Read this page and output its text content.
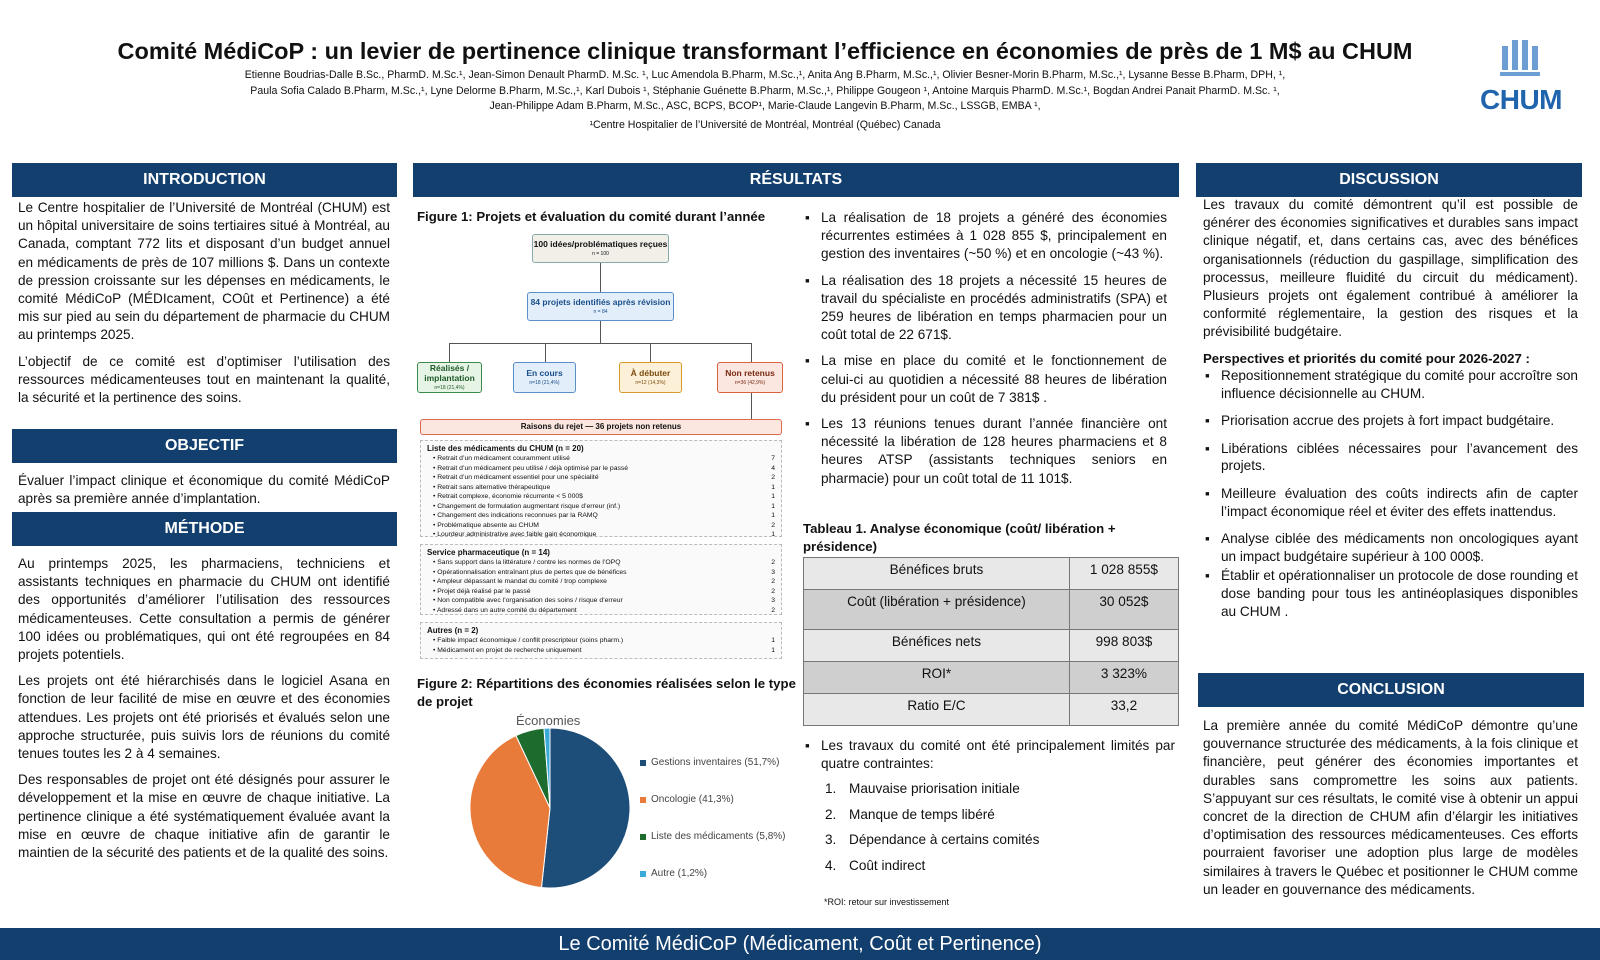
Comité MédiCoP : un levier de pertinence clinique transformant l’efficience en économies de près de 1 M$ au CHUM
Etienne Boudrias-Dalle B.Sc., PharmD. M.Sc.¹, Jean-Simon Denault PharmD. M.Sc. ¹, Luc Amendola B.Pharm, M.Sc.,¹, Anita Ang B.Pharm, M.Sc.,¹, Olivier Besner-Morin B.Pharm, M.Sc.,¹, Lysanne Besse B.Pharm, DPH, ¹,
Paula Sofia Calado B.Pharm, M.Sc.,¹, Lyne Delorme B.Pharm, M.Sc.,¹, Karl Dubois ¹, Stéphanie Guénette B.Pharm, M.Sc.,¹, Philippe Gougeon ¹, Antoine Marquis PharmD. M.Sc.¹, Bogdan Andrei Panait PharmD. M.Sc. ¹,
Jean-Philippe Adam B.Pharm, M.Sc., ASC, BCPS, BCOP¹, Marie-Claude Langevin B.Pharm, M.Sc., LSSGB, EMBA ¹,
¹Centre Hospitalier de l’Université de Montréal, Montréal (Québec) Canada
CHUM
INTRODUCTION

Le Centre hospitalier de l’Université de Montréal (CHUM) est un hôpital universitaire de soins tertiaires situé à Montréal, au Canada, comptant 772 lits et disposant d’un budget annuel en médicaments de près de 107 millions $. Dans un contexte de pression croissante sur les dépenses en médicaments, le comité MédiCoP (MÉDIcament, COût et Pertinence) a été mis sur pied au sein du département de pharmacie du CHUM au printemps 2025.

L’objectif de ce comité est d’optimiser l’utilisation des ressources médicamenteuses tout en maintenant la qualité, la sécurité et la pertinence des soins.

OBJECTIF

Évaluer l’impact clinique et économique du comité MédiCoP après sa première année d’implantation.

MÉTHODE

Au printemps 2025, les pharmaciens, techniciens et assistants techniques en pharmacie du CHUM ont identifié des opportunités d’améliorer l’utilisation des ressources médicamenteuses. Cette consultation a permis de générer 100 idées ou problématiques, qui ont été regroupées en 84 projets potentiels.

Les projets ont été hiérarchisés dans le logiciel Asana en fonction de leur facilité de mise en œuvre et des économies attendues. Les projets ont été priorisés et évalués selon une approche structurée, puis suivis lors de réunions du comité tenues toutes les 2 à 4 semaines.

Des responsables de projet ont été désignés pour assurer le développement et la mise en œuvre de chaque initiative. La pertinence clinique a été systématiquement évaluée avant la mise en œuvre de chaque initiative afin de garantir le maintien de la sécurité des patients et de la qualité des soins.

RÉSULTATS
Figure 1: Projets et évaluation du comité durant l’année
100 idées/problématiques reçues
n = 100
84 projets identifiés après révision
n = 84
Réalisés / implantation
n=18 (21,4%)
En cours
n=18 (21,4%)
À débuter
n=12 (14,3%)
Non retenus
n=36 (42,9%)
Raisons du rejet — 36 projets non retenus
Liste des médicaments du CHUM (n = 20)
• Retrait d’un médicament couramment utilisé	7
• Retrait d’un médicament peu utilisé / déjà optimisé par le passé	4
• Retrait d’un médicament essentiel pour une spécialité	2
• Retrait sans alternative thérapeutique	1
• Retrait complexe, économie récurrente < 5 000$	1
• Changement de formulation augmentant risque d’erreur (inf.)	1
• Changement des indications reconnues par la RAMQ	1
• Problématique absente au CHUM	2
• Lourdeur administrative avec faible gain économique	1
Service pharmaceutique (n = 14)
• Sans support dans la littérature / contre les normes de l’OPQ	2
• Opérationnalisation entraînant plus de pertes que de bénéfices	3
• Ampleur dépassant le mandat du comité / trop complexe	2
• Projet déjà réalisé par le passé	2
• Non compatible avec l’organisation des soins / risque d’erreur	3
• Adressé dans un autre comité du département	2
Autres (n = 2)
• Faible impact économique / conflit prescripteur (soins pharm.)	1
• Médicament en projet de recherche uniquement	1
Figure 2: Répartitions des économies réalisées selon le type de projet
Économies
Gestions inventaires (51,7%)
Oncologie (41,3%)
Liste des médicaments (5,8%)
Autre (1,2%)
▪ La réalisation de 18 projets a généré des économies récurrentes estimées à 1 028 855 $, principalement en gestion des inventaires (~50 %) et en oncologie (~43 %).
▪ La réalisation des 18 projets a nécessité 15 heures de travail du spécialiste en procédés administratifs (SPA) et 259 heures de libération en temps pharmacien pour un coût total de 22 671$.
▪ La mise en place du comité et le fonctionnement de celui-ci au quotidien a nécessité 88 heures de libération du président pour un coût de 7 381$ .
▪ Les 13 réunions tenues durant l’année financière ont nécessité la libération de 128 heures pharmaciens et 8 heures ATSP (assistants techniques seniors en pharmacie) pour un coût total de 11 101$.
Tableau 1. Analyse économique (coût/ libération + présidence)
Bénéfices bruts	1 028 855$
Coût (libération + présidence)	30 052$
Bénéfices nets	998 803$
ROI*	3 323%
Ratio E/C	33,2
▪ Les travaux du comité ont été principalement limités par quatre contraintes:
1. Mauvaise priorisation initiale
2. Manque de temps libéré
3. Dépendance à certains comités
4. Coût indirect
*ROI: retour sur investissement
DISCUSSION

Les travaux du comité démontrent qu’il est possible de générer des économies significatives et durables sans impact clinique négatif, et, dans certains cas, avec des bénéfices organisationnels (réduction du gaspillage, simplification des processus, meilleure fluidité du circuit du médicament). Plusieurs projets ont également contribué à améliorer la conformité réglementaire, la gestion des risques et la prévisibilité budgétaire.

Perspectives et priorités du comité pour 2026-2027 :
▪ Repositionnement stratégique du comité pour accroître son influence décisionnelle au CHUM.
▪ Priorisation accrue des projets à fort impact budgétaire.
▪ Libérations ciblées nécessaires pour l’avancement des projets.
▪ Meilleure évaluation des coûts indirects afin de capter l’impact économique réel et éviter des effets inattendus.
▪ Analyse ciblée des médicaments non oncologiques ayant un impact budgétaire supérieur à 100 000$.
▪ Établir et opérationnaliser un protocole de dose rounding et dose banding pour tous les antinéoplasiques disponibles au CHUM .
CONCLUSION

La première année du comité MédiCoP démontre qu’une gouvernance structurée des médicaments, à la fois clinique et financière, peut générer des économies importantes et durables sans compromettre les soins aux patients. S’appuyant sur ces résultats, le comité vise à obtenir un appui concret de la direction de CHUM afin d’élargir les initiatives d’optimisation des ressources médicamenteuses. Ces efforts pourraient favoriser une adoption plus large de modèles similaires à travers le Québec et positionner le CHUM comme un leader en gouvernance des médicaments.

Le Comité MédiCoP (Médicament, Coût et Pertinence)
